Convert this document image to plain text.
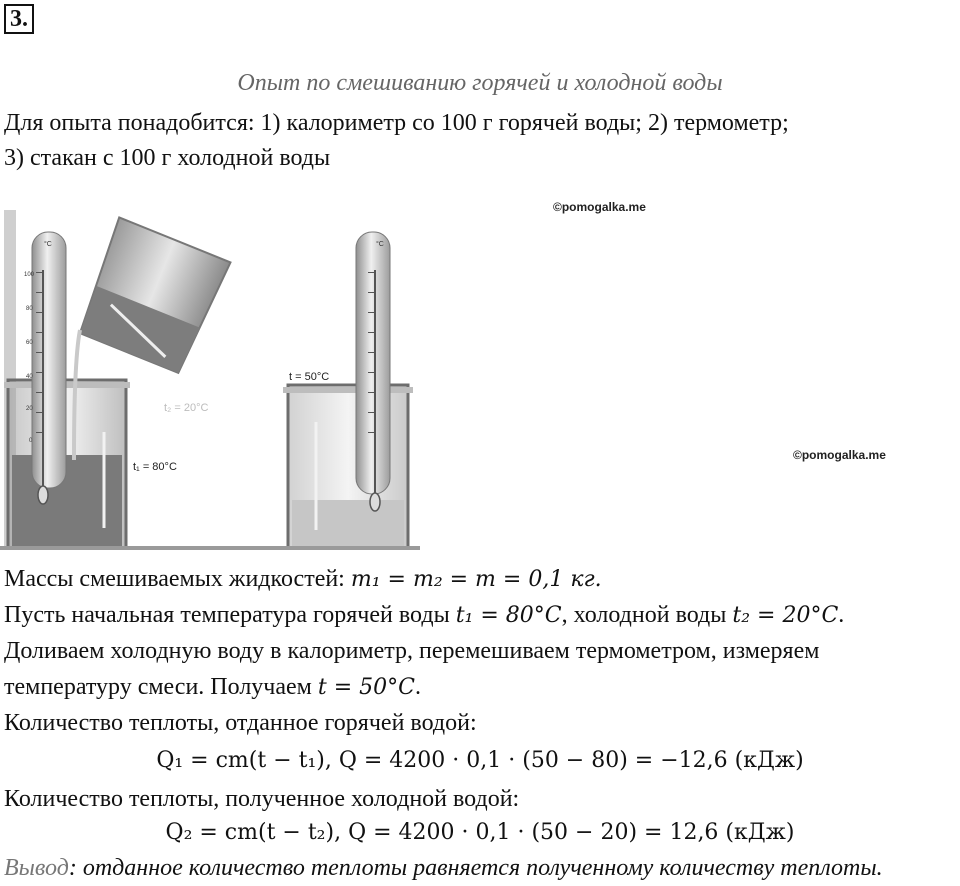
3.
Опыт по смешиванию горячей и холодной воды
Для опыта понадобится: 1) калориметр со 100 г горячей воды; 2) термометр;
3) стакан с 100 г холодной воды
©pomogalka.me
©pomogalka.me
°C
100
80
60
40
20
0
t₂ = 20°C
t₁ = 80°C
°C
t = 50°C
Массы смешиваемых жидкостей: m₁ = m₂ = m = 0,1 кг.
Пусть начальная температура горячей воды t₁ = 80°C, холодной воды t₂ = 20°C.
Доливаем холодную воду в калориметр, перемешиваем термометром, измеряем
температуру смеси. Получаем t = 50°C.
Количество теплоты, отданное горячей водой:
Q₁ = cm(t − t₁), Q = 4200 · 0,1 · (50 − 80) = −12,6 (кДж)
Количество теплоты, полученное холодной водой:
Q₂ = cm(t − t₂), Q = 4200 · 0,1 · (50 − 20) = 12,6 (кДж)
Вывод: отданное количество теплоты равняется полученному количеству теплоты.
